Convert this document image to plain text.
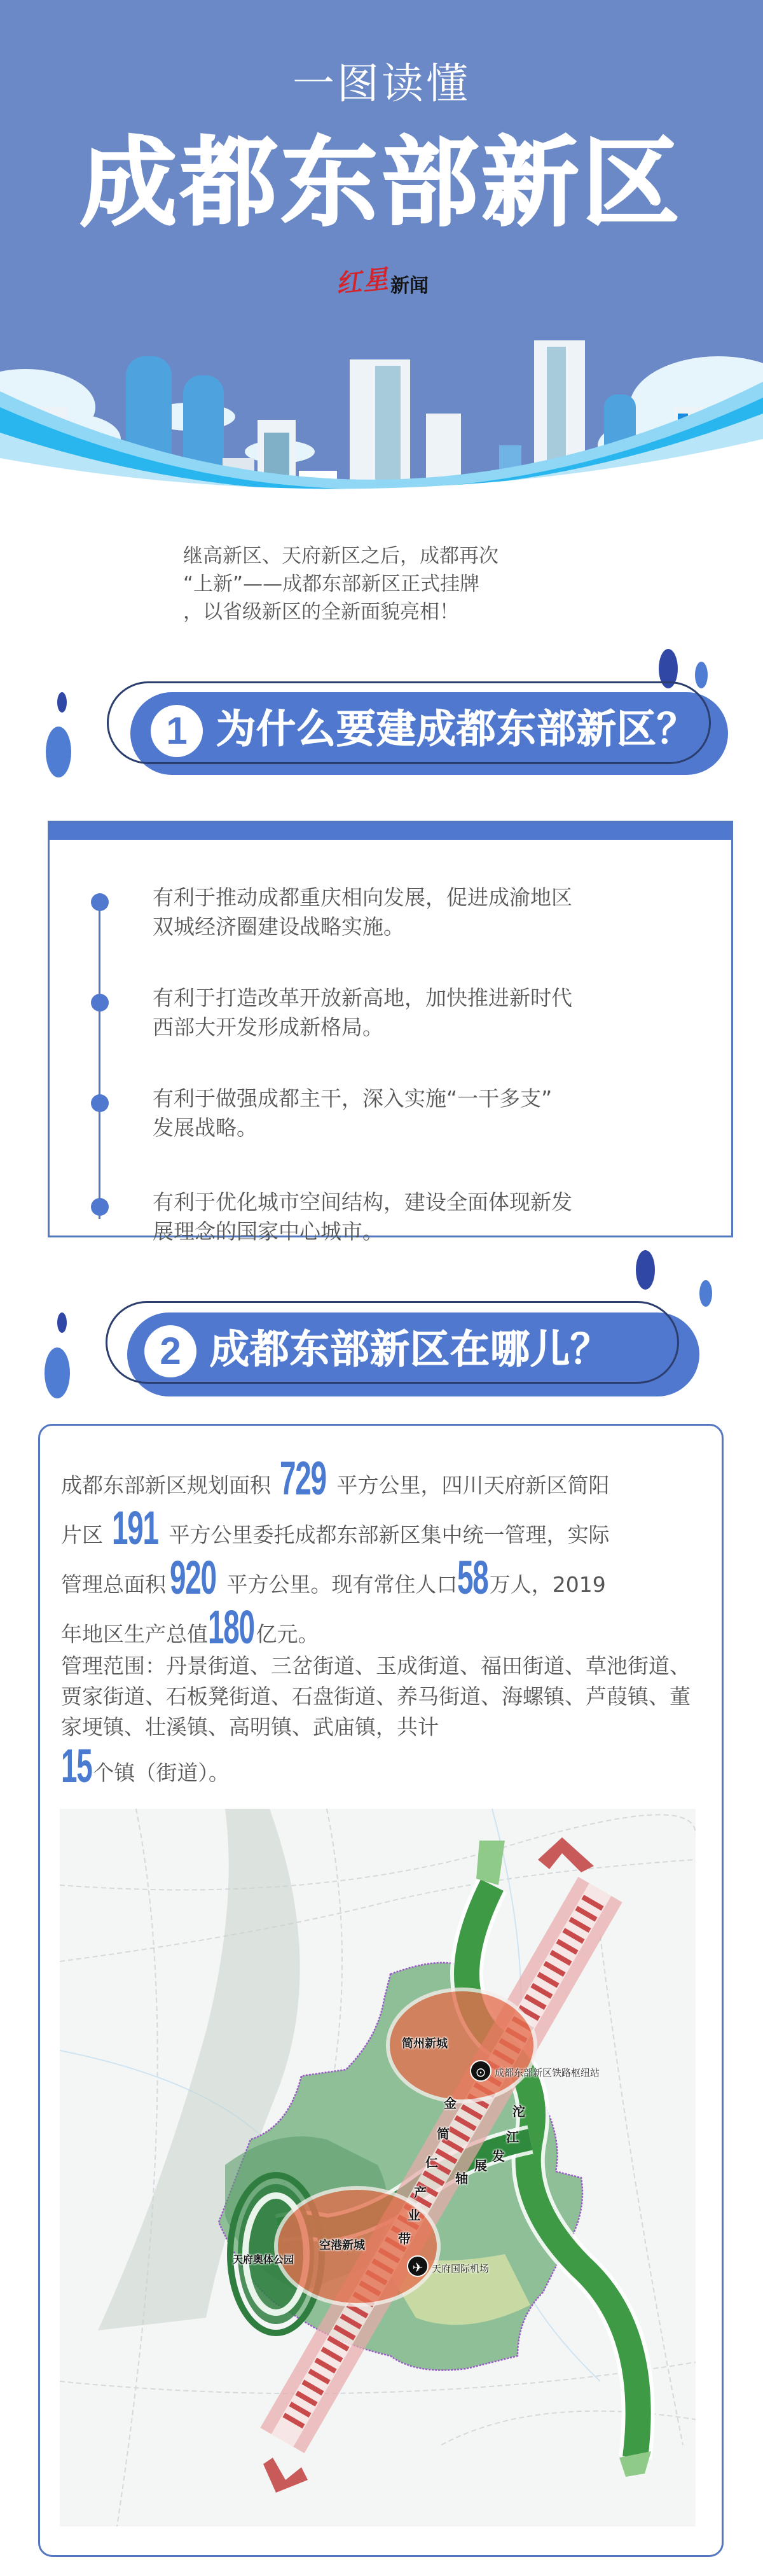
一图读懂
成都东部新区
红星 新闻

继高新区、天府新区之后，成都再次

“上新”——成都东部新区正式挂牌

，以省级新区的全新面貌亮相！

1 为什么要建成都东部新区？
有利于推动成都重庆相向发展，促进成渝地区
双城经济圈建设战略实施。
有利于打造改革开放新高地，加快推进新时代
西部大开发形成新格局。
有利于做强成都主干，深入实施“一干多支”
发展战略。
有利于优化城市空间结构，建设全面体现新发
展理念的国家中心城市。
2 成都东部新区在哪儿？
成都东部新区规划面积 729 平方公里，四川天府新区简阳
片区 191 平方公里委托成都东部新区集中统一管理，实际
管理总面积 920 平方公里。现有常住人口 58 万人，2019
年地区生产总值 180 亿元。
管理范围：丹景街道、三岔街道、玉成街道、福田街道、草池街道、贾家街道、石板凳街道、石盘街道、养马街道、海螺镇、芦葭镇、董家埂镇、壮溪镇、高明镇、武庙镇，共计
15 个镇（街道）。
简州新城
⊙ 成都东部新区铁路枢纽站
空港新城
✈ 天府国际机场
天府奥体公园
金
简
仁
产
业
带
沱
江
发
展
轴
